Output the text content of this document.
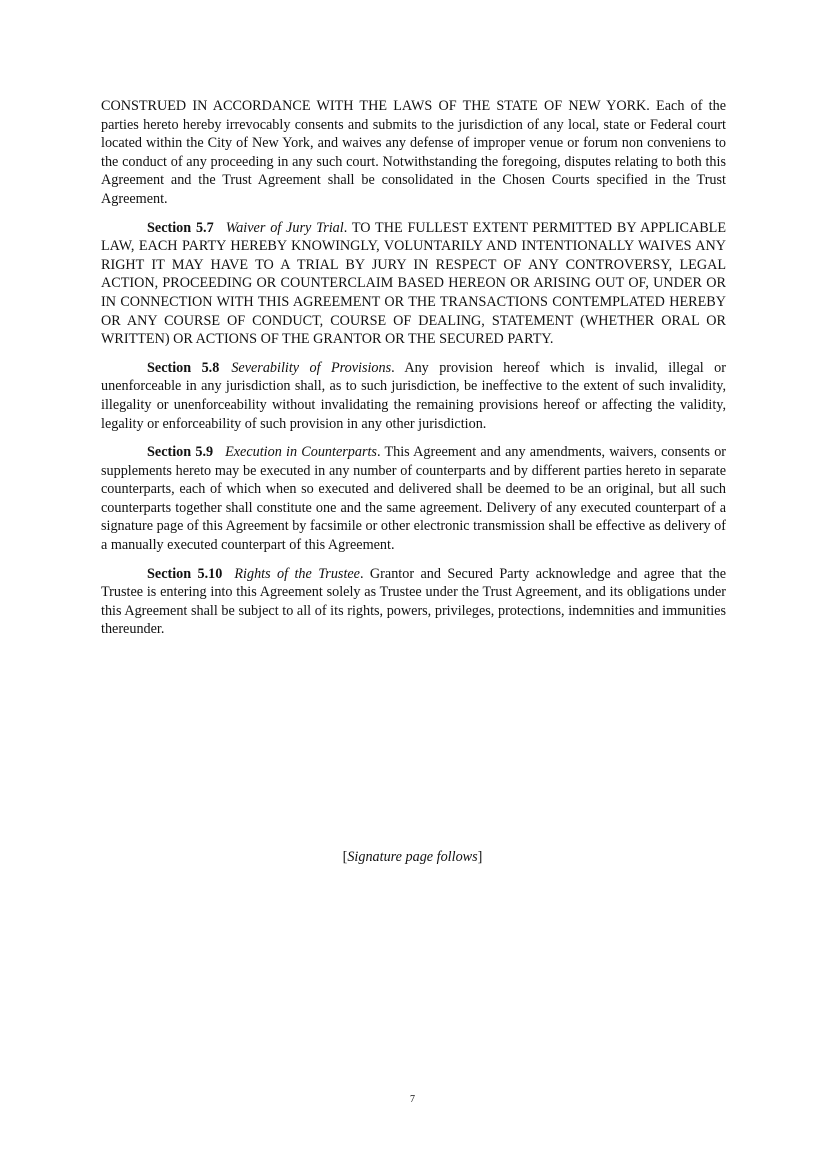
CONSTRUED IN ACCORDANCE WITH THE LAWS OF THE STATE OF NEW YORK. Each of the parties hereto hereby irrevocably consents and submits to the jurisdiction of any local, state or Federal court located within the City of New York, and waives any defense of improper venue or forum non conveniens to the conduct of any proceeding in any such court. Notwithstanding the foregoing, disputes relating to both this Agreement and the Trust Agreement shall be consolidated in the Chosen Courts specified in the Trust Agreement.

Section 5.7 Waiver of Jury Trial. TO THE FULLEST EXTENT PERMITTED BY APPLICABLE LAW, EACH PARTY HEREBY KNOWINGLY, VOLUNTARILY AND INTENTIONALLY WAIVES ANY RIGHT IT MAY HAVE TO A TRIAL BY JURY IN RESPECT OF ANY CONTROVERSY, LEGAL ACTION, PROCEEDING OR COUNTERCLAIM BASED HEREON OR ARISING OUT OF, UNDER OR IN CONNECTION WITH THIS AGREEMENT OR THE TRANSACTIONS CONTEMPLATED HEREBY OR ANY COURSE OF CONDUCT, COURSE OF DEALING, STATEMENT (WHETHER ORAL OR WRITTEN) OR ACTIONS OF THE GRANTOR OR THE SECURED PARTY.

Section 5.8 Severability of Provisions. Any provision hereof which is invalid, illegal or unenforceable in any jurisdiction shall, as to such jurisdiction, be ineffective to the extent of such invalidity, illegality or unenforceability without invalidating the remaining provisions hereof or affecting the validity, legality or enforceability of such provision in any other jurisdiction.

Section 5.9 Execution in Counterparts. This Agreement and any amendments, waivers, consents or supplements hereto may be executed in any number of counterparts and by different parties hereto in separate counterparts, each of which when so executed and delivered shall be deemed to be an original, but all such counterparts together shall constitute one and the same agreement. Delivery of any executed counterpart of a signature page of this Agreement by facsimile or other electronic transmission shall be effective as delivery of a manually executed counterpart of this Agreement.

Section 5.10 Rights of the Trustee. Grantor and Secured Party acknowledge and agree that the Trustee is entering into this Agreement solely as Trustee under the Trust Agreement, and its obligations under this Agreement shall be subject to all of its rights, powers, privileges, protections, indemnities and immunities thereunder.

[Signature page follows]
7
